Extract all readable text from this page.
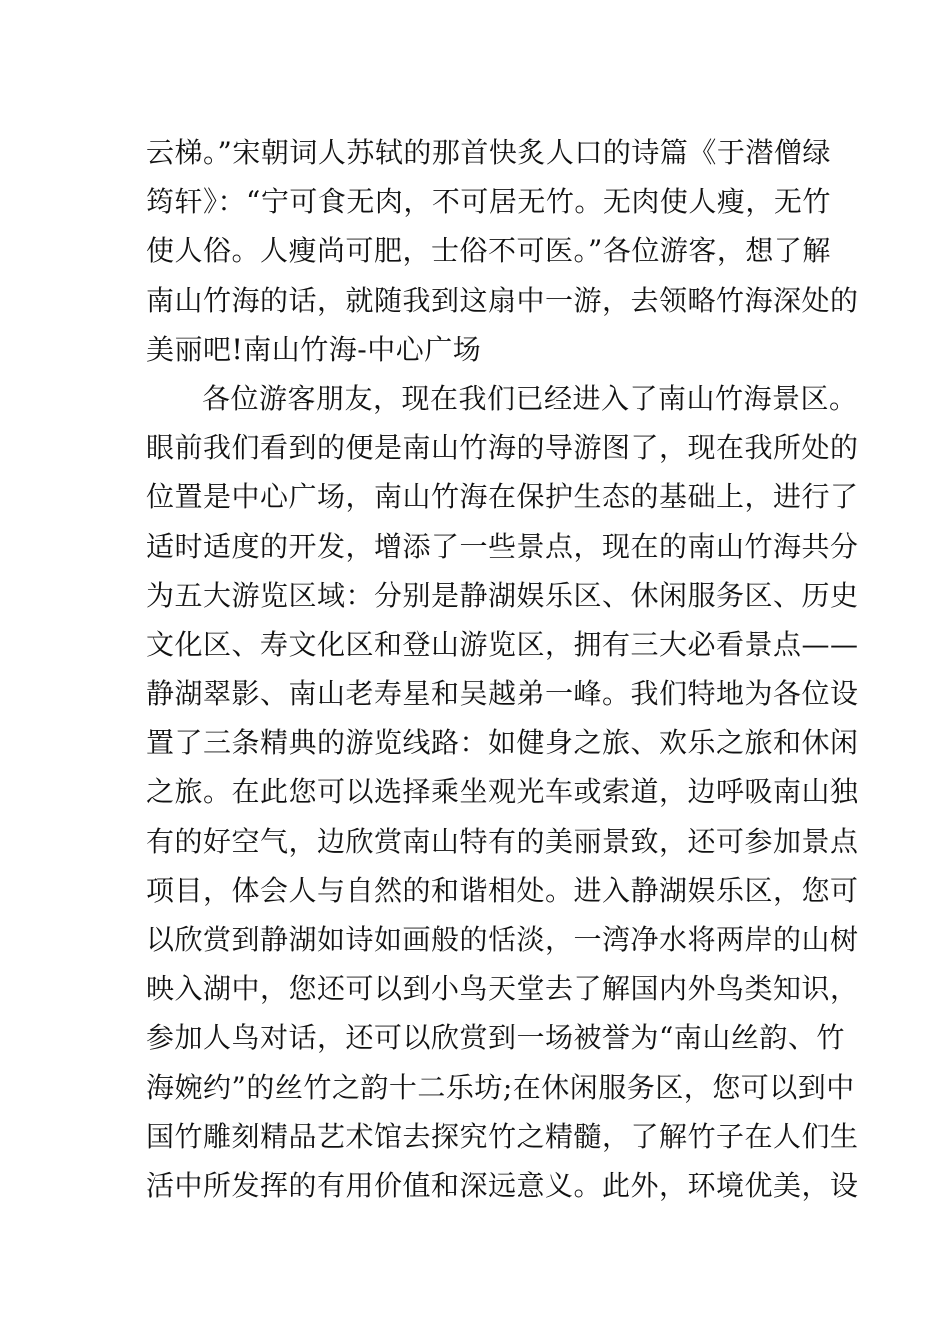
云梯。”宋朝词人苏轼的那首快炙人口的诗篇《于潜僧绿
筠轩》：“宁可食无肉，不可居无竹。无肉使人瘦，无竹
使人俗。人瘦尚可肥，士俗不可医。”各位游客，想了解
南山竹海的话，就随我到这扇中一游，去领略竹海深处的
美丽吧!南山竹海-中心广场
各位游客朋友，现在我们已经进入了南山竹海景区。
眼前我们看到的便是南山竹海的导游图了，现在我所处的
位置是中心广场，南山竹海在保护生态的基础上，进行了
适时适度的开发，增添了一些景点，现在的南山竹海共分
为五大游览区域：分别是静湖娱乐区、休闲服务区、历史
文化区、寿文化区和登山游览区，拥有三大必看景点——
静湖翠影、南山老寿星和吴越弟一峰。我们特地为各位设
置了三条精典的游览线路：如健身之旅、欢乐之旅和休闲
之旅。在此您可以选择乘坐观光车或索道，边呼吸南山独
有的好空气，边欣赏南山特有的美丽景致，还可参加景点
项目，体会人与自然的和谐相处。进入静湖娱乐区，您可
以欣赏到静湖如诗如画般的恬淡，一湾净水将两岸的山树
映入湖中，您还可以到小鸟天堂去了解国内外鸟类知识，
参加人鸟对话，还可以欣赏到一场被誉为“南山丝韵、竹
海婉约”的丝竹之韵十二乐坊;在休闲服务区，您可以到中
国竹雕刻精品艺术馆去探究竹之精髓，了解竹子在人们生
活中所发挥的有用价值和深远意义。此外，环境优美，设
